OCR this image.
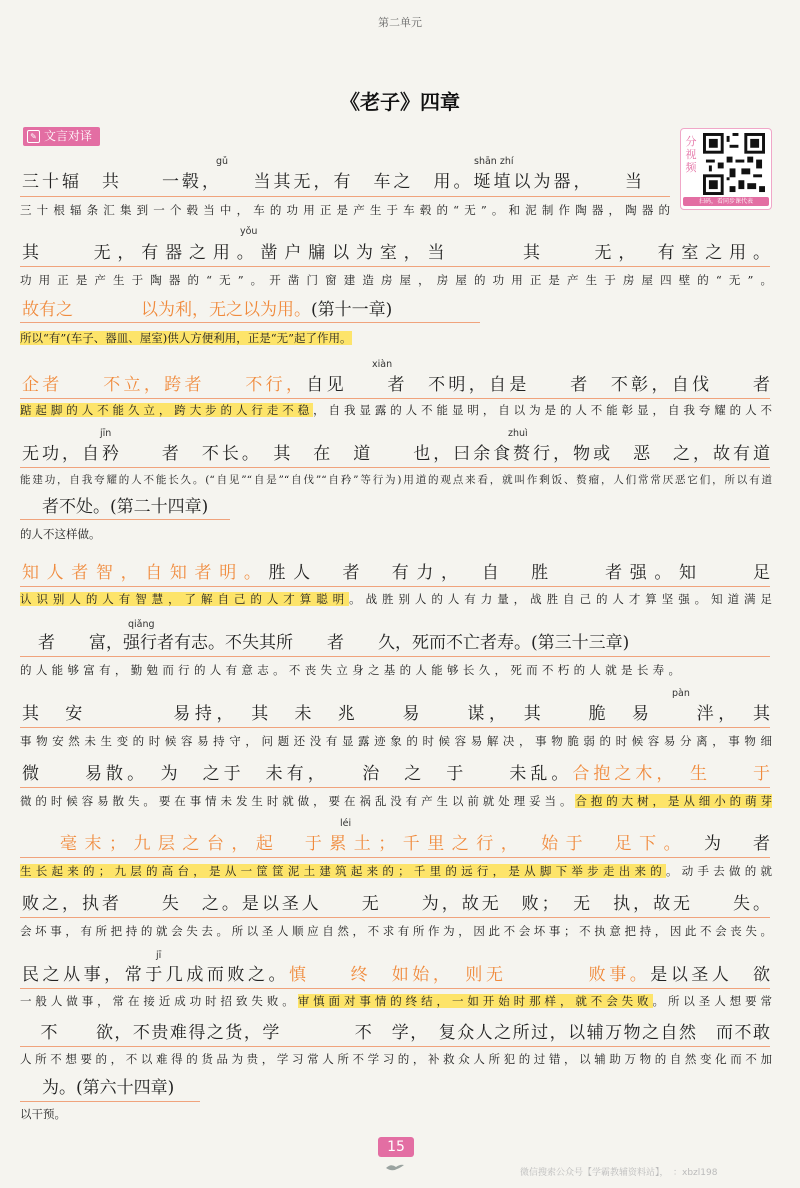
第二单元
《老子》四章
✎ 文言对译	分视频
扫码，看同步课代表
gǔ	shān zhí
yǒu
xiàn
jīn	zhuì
qiǎng
pàn
léi
jī
三十辐　共　　一毂，　　当其无，有　车之　用。埏埴以为器，　　当
三十根辐条汇集到一个毂当中，车的功用正是产生于车毂的“无”。和泥制作陶器，陶器的
其　　无，有器之用。凿户牖以为室，当　　　其　　无，　有室之用。
功用正是产生于陶器的“无”。开凿门窗建造房屋，房屋的功用正是产生于房屋四壁的“无”。
故有之　　　　以为利，无之以为用。(第十一章)
所以“有”(车子、器皿、屋室)供人方便利用，正是“无”起了作用。
企者　　不立，跨者　　不行，自见　　者　不明，自是　　者　不彰，自伐　　者
踮起脚的人不能久立，跨大步的人行走不稳，自我显露的人不能显明，自以为是的人不能彰显，自我夸耀的人不
无功，自矜　　者　不长。　其　在　道　　也，曰余食赘行，物或　恶　之，故有道
能建功，自我夸耀的人不能长久。(“自见”“自是”“自伐”“自矜”等行为)用道的观点来看，就叫作剩饭、赘瘤，人们常常厌恶它们，所以有道
者不处。(第二十四章)
的人不这样做。
知人者智，自知者明。胜人　者　有力，　自　胜　　者强。知　　足
认识别人的人有智慧，了解自己的人才算聪明。战胜别人的人有力量，战胜自己的人才算坚强。知道满足
者　　富，强行者有志。不失其所　　者　　久，死而不亡者寿。(第三十三章)
的人能够富有，勤勉而行的人有意志。不丧失立身之基的人能够长久，死而不朽的人就是长寿。
其　安　　　　易持，　其　未　兆　　易　　谋，　其　　脆　易　　泮，　其
事物安然未生变的时候容易持守，问题还没有显露迹象的时候容易解决，事物脆弱的时候容易分离，事物细
微　　易散。　为　之于　未有，　　治　之　于　　未乱。合抱之木，　生　　于
微的时候容易散失。要在事情未发生时就做，要在祸乱没有产生以前就处理妥当。合抱的大树，是从细小的萌芽
毫末；九层之台，起　于累土；千里之行，　始于　足下。　为　者
生长起来的；九层的高台，是从一筐筐泥土建筑起来的；千里的远行，是从脚下举步走出来的。动手去做的就
败之，执者　　失　之。是以圣人　　无　　为，故无　败；　无　执，故无　　失。
会坏事，有所把持的就会失去。所以圣人顺应自然，不求有所作为，因此不会坏事；不执意把持，因此不会丧失。
民之从事，常于几成而败之。慎　　终　如始，　则无　　　　败事。是以圣人　欲
一般人做事，常在接近成功时招致失败。审慎面对事情的终结，一如开始时那样，就不会失败。所以圣人想要常
　不　　欲，不贵难得之货，学　　　　不　学，　复众人之所过，以辅万物之自然　而不敢
人所不想要的，不以难得的货品为贵，学习常人所不学习的，补救众人所犯的过错，以辅助万物的自然变化而不加
为。(第六十四章)
以干预。
15
微信搜索公众号【学霸教辅资料站】，　：xbzl198
